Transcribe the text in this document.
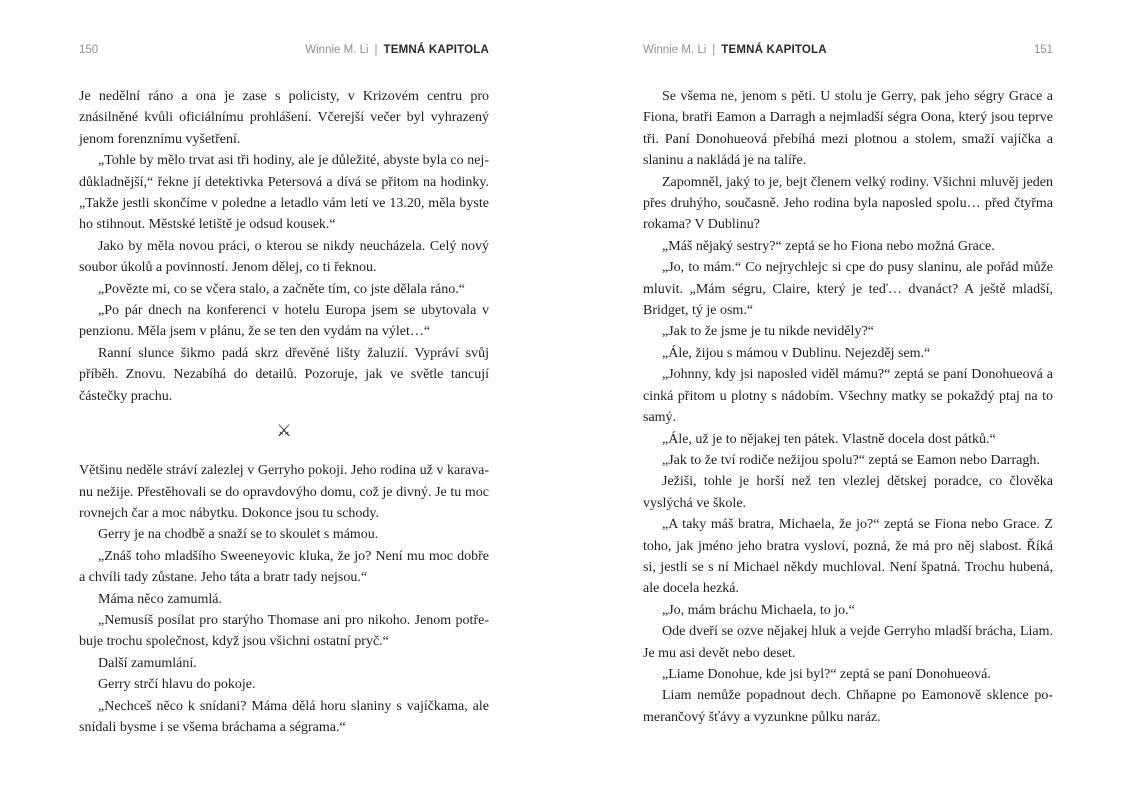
150	Winnie M. Li | TEMNÁ KAPITOLA

Je nedělní ráno a ona je zase s policisty, v Krizovém centru pro znásilněné kvůli oficiálnímu prohlášení. Včerejší večer byl vyhrazený jenom forenznímu vyšetření.

„Tohle by mělo trvat asi tři hodiny, ale je důležité, abyste byla co nejdůkladnější,“ řekne jí detektivka Petersová a dívá se přitom na hodinky. „Takže jestli skončíme v poledne a letadlo vám letí ve 13.20, měla byste ho stihnout. Městské letiště je odsud kousek.“

Jako by měla novou práci, o kterou se nikdy neucházela. Celý nový soubor úkolů a povinností. Jenom dělej, co ti řeknou.

„Povězte mi, co se včera stalo, a začněte tím, co jste dělala ráno.“

„Po pár dnech na konferenci v hotelu Europa jsem se ubytovala v penzionu. Měla jsem v plánu, že se ten den vydám na výlet…“

Ranní slunce šikmo padá skrz dřevěné lišty žaluzií. Vypráví svůj příběh. Znovu. Nezabíhá do detailů. Pozoruje, jak ve světle tancují částečky prachu.

⚔

Většinu neděle stráví zalezlej v Gerryho pokoji. Jeho rodina už v karavanu nežije. Přestěhovali se do opravdovýho domu, což je divný. Je tu moc rovnejch čar a moc nábytku. Dokonce jsou tu schody.

Gerry je na chodbě a snaží se to skoulet s mámou.

„Znáš toho mladšího Sweeneyovic kluka, že jo? Není mu moc dobře a chvíli tady zůstane. Jeho táta a bratr tady nejsou.“

Máma něco zamumlá.

„Nemusíš posílat pro starýho Thomase ani pro nikoho. Jenom potřebuje trochu společnost, když jsou všichni ostatní pryč.“

Další zamumlání.

Gerry strčí hlavu do pokoje.

„Nechceš něco k snídani? Máma dělá horu slaniny s vajíčkama, ale snídali bysme i se všema bráchama a ségrama.“

Winnie M. Li | TEMNÁ KAPITOLA	151

Se všema ne, jenom s pěti. U stolu je Gerry, pak jeho ségry Grace a Fiona, bratři Eamon a Darragh a nejmladší ségra Oona, který jsou teprve tři. Paní Donohueová přebíhá mezi plotnou a stolem, smaží vajíčka a slaninu a nakládá je na talíře.

Zapomněl, jaký to je, bejt členem velký rodiny. Všichni mluvěj jeden přes druhýho, současně. Jeho rodina byla naposled spolu… před čtyřma rokama? V Dublinu?

„Máš nějaký sestry?“ zeptá se ho Fiona nebo možná Grace.

„Jo, to mám.“ Co nejrychlejc si cpe do pusy slaninu, ale pořád může mluvit. „Mám ségru, Claire, který je teď… dvanáct? A ještě mladší, Bridget, tý je osm.“

„Jak to že jsme je tu nikde neviděly?“

„Ále, žijou s mámou v Dublinu. Nejezděj sem.“

„Johnny, kdy jsi naposled viděl mámu?“ zeptá se paní Donohueová a cinká přitom u plotny s nádobím. Všechny matky se pokaždý ptaj na to samý.

„Ále, už je to nějakej ten pátek. Vlastně docela dost pátků.“

„Jak to že tví rodiče nežijou spolu?“ zeptá se Eamon nebo Darragh.

Ježiši, tohle je horší než ten vlezlej dětskej poradce, co člověka vyslýchá ve škole.

„A taky máš bratra, Michaela, že jo?“ zeptá se Fiona nebo Grace. Z toho, jak jméno jeho bratra vysloví, pozná, že má pro něj slabost. Říká si, jestli se s ní Michael někdy muchloval. Není špatná. Trochu hubená, ale docela hezká.

„Jo, mám bráchu Michaela, to jo.“

Ode dveří se ozve nějakej hluk a vejde Gerryho mladší brácha, Liam. Je mu asi devět nebo deset.

„Liame Donohue, kde jsi byl?“ zeptá se paní Donohueová.

Liam nemůže popadnout dech. Chňapne po Eamonově sklence pomerančový šťávy a vyzunkne půlku naráz.
